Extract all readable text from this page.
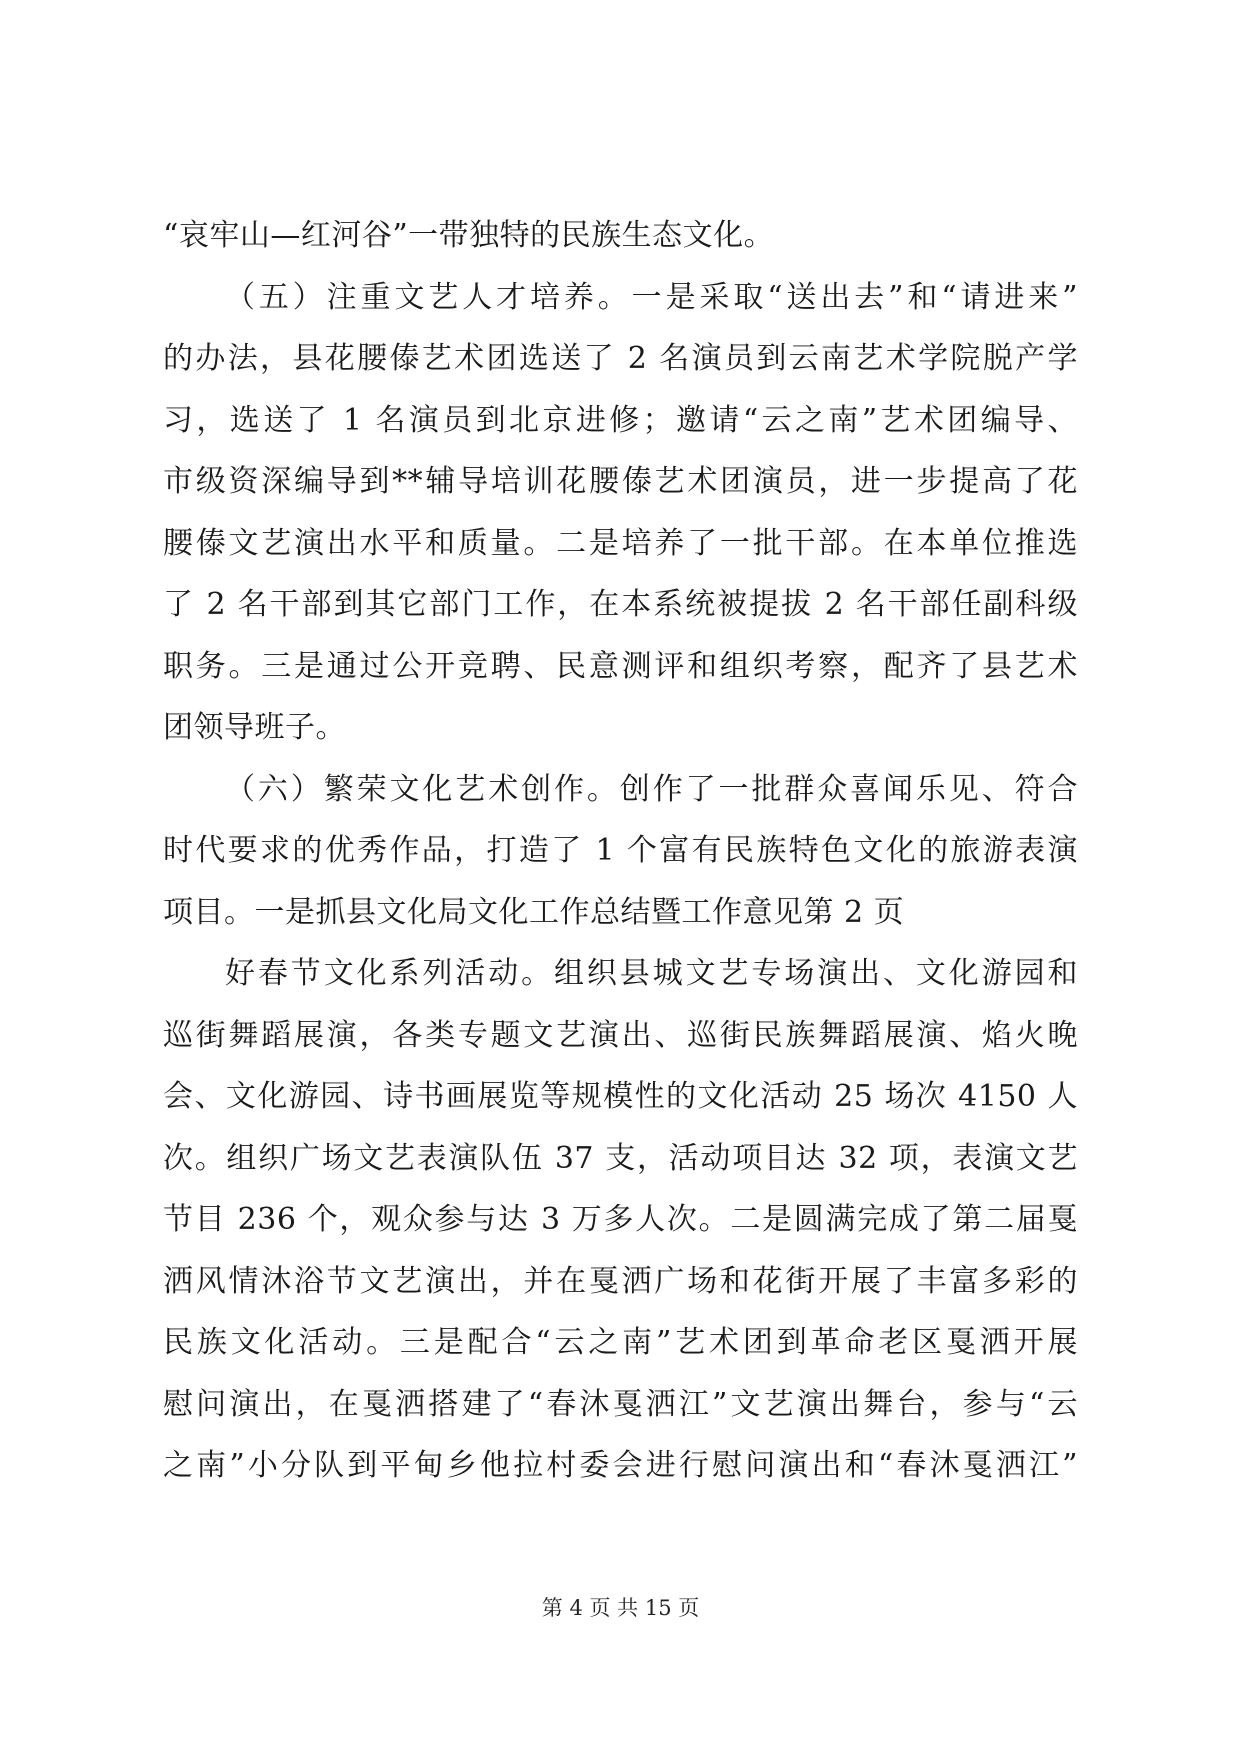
“哀牢山—红河谷”一带独特的民族生态文化。
（五）注重文艺人才培养。一是采取“送出去”和“请进来”
的办法，县花腰傣艺术团选送了 2 名演员到云南艺术学院脱产学
习，选送了 1 名演员到北京进修；邀请“云之南”艺术团编导、
市级资深编导到**辅导培训花腰傣艺术团演员，进一步提高了花
腰傣文艺演出水平和质量。二是培养了一批干部。在本单位推选
了 2 名干部到其它部门工作，在本系统被提拔 2 名干部任副科级
职务。三是通过公开竞聘、民意测评和组织考察，配齐了县艺术
团领导班子。
（六）繁荣文化艺术创作。创作了一批群众喜闻乐见、符合
时代要求的优秀作品，打造了 1 个富有民族特色文化的旅游表演
项目。一是抓县文化局文化工作总结暨工作意见第 2 页
好春节文化系列活动。组织县城文艺专场演出、文化游园和
巡街舞蹈展演，各类专题文艺演出、巡街民族舞蹈展演、焰火晚
会、文化游园、诗书画展览等规模性的文化活动 25 场次 4150 人
次。组织广场文艺表演队伍 37 支，活动项目达 32 项，表演文艺
节目 236 个，观众参与达 3 万多人次。二是圆满完成了第二届戛
洒风情沐浴节文艺演出，并在戛洒广场和花街开展了丰富多彩的
民族文化活动。三是配合“云之南”艺术团到革命老区戛洒开展
慰问演出，在戛洒搭建了“春沐戛洒江”文艺演出舞台，参与“云
之南”小分队到平甸乡他拉村委会进行慰问演出和“春沐戛洒江”
第 4 页 共 15 页
